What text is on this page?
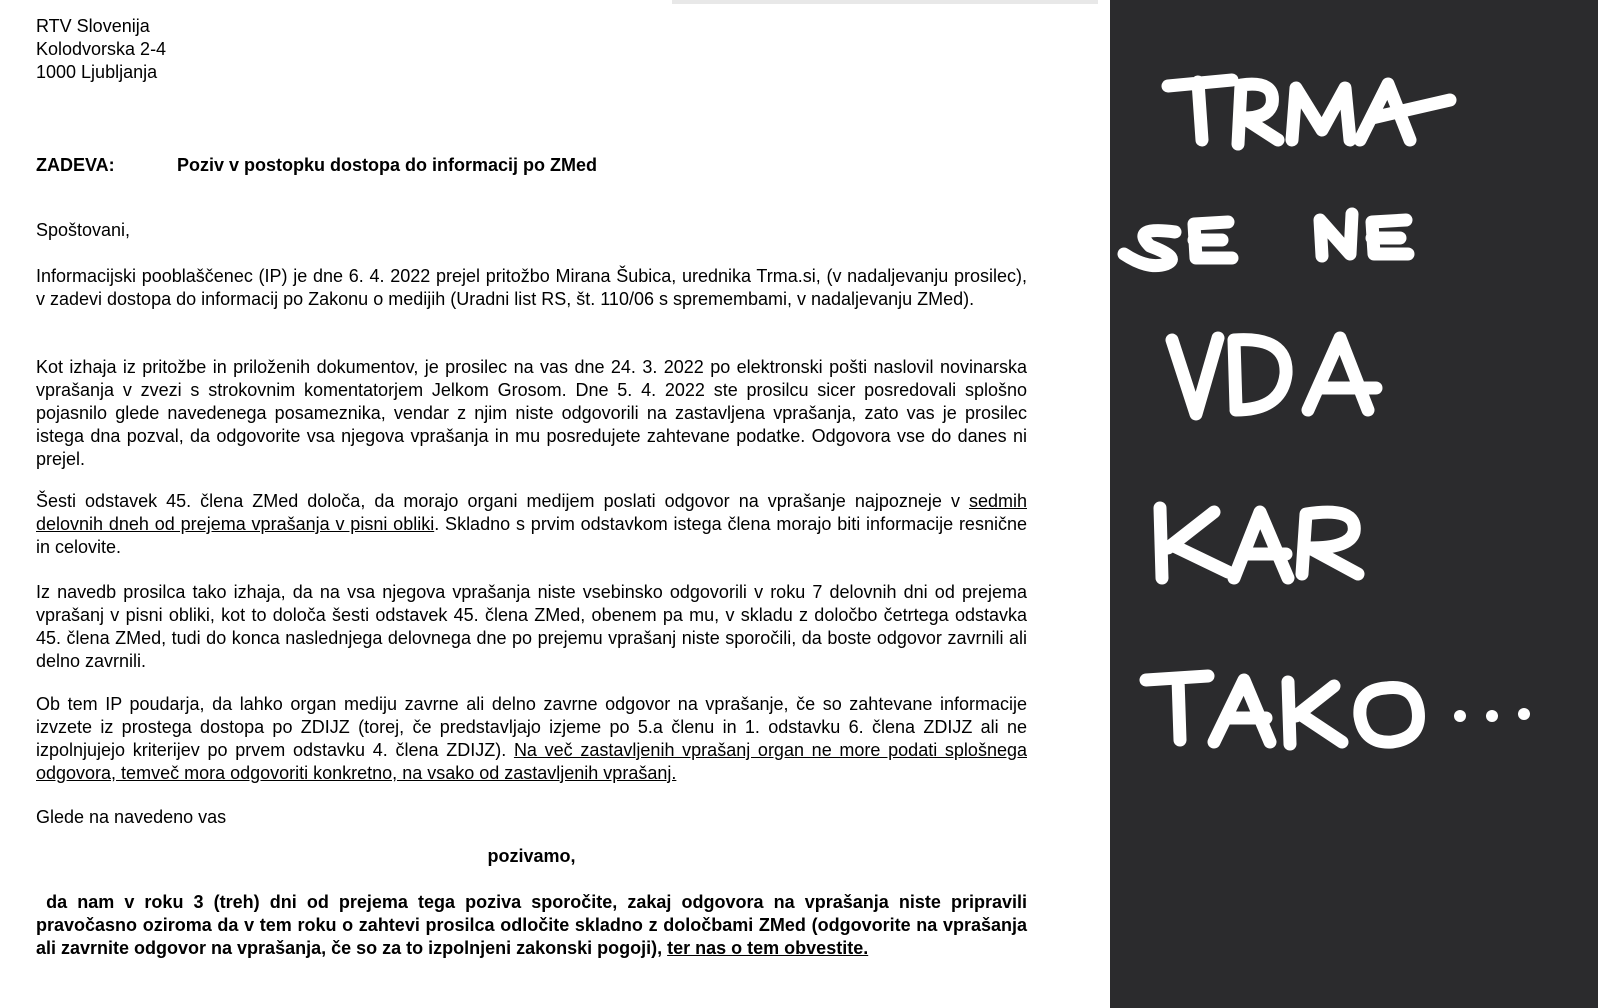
RTV Slovenija
Kolodvorska 2-4
1000 Ljubljanja
ZADEVA:	Poziv v postopku dostopa do informacij po ZMed
Spoštovani,
Informacijski pooblaščenec (IP) je dne 6. 4. 2022 prejel pritožbo Mirana Šubica, urednika Trma.si, (v nadaljevanju prosilec), v zadevi dostopa do informacij po Zakonu o medijih (Uradni list RS, št. 110/06 s spremembami, v nadaljevanju ZMed).
Kot izhaja iz pritožbe in priloženih dokumentov, je prosilec na vas dne 24. 3. 2022 po elektronski pošti naslovil novinarska vprašanja v zvezi s strokovnim komentatorjem Jelkom Grosom. Dne 5. 4. 2022 ste prosilcu sicer posredovali splošno pojasnilo glede navedenega posameznika, vendar z njim niste odgovorili na zastavljena vprašanja, zato vas je prosilec istega dna pozval, da odgovorite vsa njegova vprašanja in mu posredujete zahtevane podatke. Odgovora vse do danes ni prejel.
Šesti odstavek 45. člena ZMed določa, da morajo organi medijem poslati odgovor na vprašanje najpozneje v sedmih delovnih dneh od prejema vprašanja v pisni obliki. Skladno s prvim odstavkom istega člena morajo biti informacije resnične in celovite.
Iz navedb prosilca tako izhaja, da na vsa njegova vprašanja niste vsebinsko odgovorili v roku 7 delovnih dni od prejema vprašanj v pisni obliki, kot to določa šesti odstavek 45. člena ZMed, obenem pa mu, v skladu z določbo četrtega odstavka 45. člena ZMed, tudi do konca naslednjega delovnega dne po prejemu vprašanj niste sporočili, da boste odgovor zavrnili ali delno zavrnili.
Ob tem IP poudarja, da lahko organ mediju zavrne ali delno zavrne odgovor na vprašanje, če so zahtevane informacije izvzete iz prostega dostopa po ZDIJZ (torej, če predstavljajo izjeme po 5.a členu in 1. odstavku 6. člena ZDIJZ ali ne izpolnjujejo kriterijev po prvem odstavku 4. člena ZDIJZ). Na več zastavljenih vprašanj organ ne more podati splošnega odgovora, temveč mora odgovoriti konkretno, na vsako od zastavljenih vprašanj.
Glede na navedeno vas
pozivamo,
da nam v roku 3 (treh) dni od prejema tega poziva sporočite, zakaj odgovora na vprašanja niste pripravili pravočasno oziroma da v tem roku o zahtevi prosilca odločite skladno z določbami ZMed (odgovorite na vprašanja ali zavrnite odgovor na vprašanja, če so za to izpolnjeni zakonski pogoji), ter nas o tem obvestite.
